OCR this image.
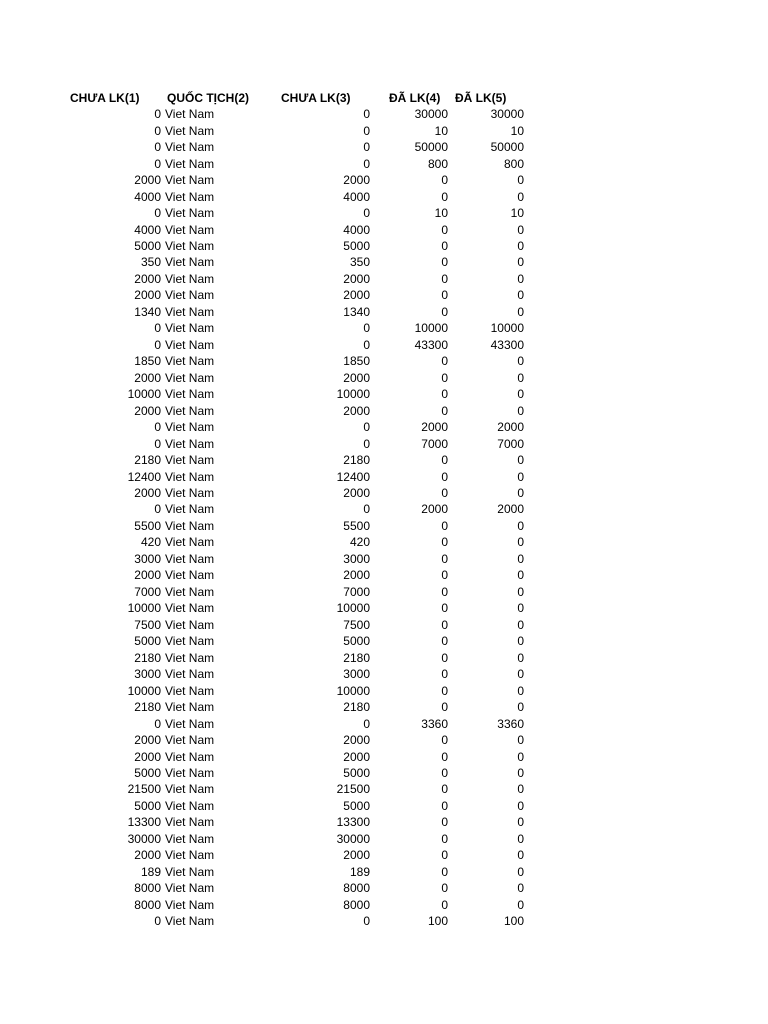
CHƯA LK(1)	QUỐC TỊCH(2)	CHƯA LK(3)	ĐÃ LK(4)	ĐÃ LK(5)
0 Viet Nam	0	30000	30000
0 Viet Nam	0	10	10
0 Viet Nam	0	50000	50000
0 Viet Nam	0	800	800
2000 Viet Nam	2000	0	0
4000 Viet Nam	4000	0	0
0 Viet Nam	0	10	10
4000 Viet Nam	4000	0	0
5000 Viet Nam	5000	0	0
350 Viet Nam	350	0	0
2000 Viet Nam	2000	0	0
2000 Viet Nam	2000	0	0
1340 Viet Nam	1340	0	0
0 Viet Nam	0	10000	10000
0 Viet Nam	0	43300	43300
1850 Viet Nam	1850	0	0
2000 Viet Nam	2000	0	0
10000 Viet Nam	10000	0	0
2000 Viet Nam	2000	0	0
0 Viet Nam	0	2000	2000
0 Viet Nam	0	7000	7000
2180 Viet Nam	2180	0	0
12400 Viet Nam	12400	0	0
2000 Viet Nam	2000	0	0
0 Viet Nam	0	2000	2000
5500 Viet Nam	5500	0	0
420 Viet Nam	420	0	0
3000 Viet Nam	3000	0	0
2000 Viet Nam	2000	0	0
7000 Viet Nam	7000	0	0
10000 Viet Nam	10000	0	0
7500 Viet Nam	7500	0	0
5000 Viet Nam	5000	0	0
2180 Viet Nam	2180	0	0
3000 Viet Nam	3000	0	0
10000 Viet Nam	10000	0	0
2180 Viet Nam	2180	0	0
0 Viet Nam	0	3360	3360
2000 Viet Nam	2000	0	0
2000 Viet Nam	2000	0	0
5000 Viet Nam	5000	0	0
21500 Viet Nam	21500	0	0
5000 Viet Nam	5000	0	0
13300 Viet Nam	13300	0	0
30000 Viet Nam	30000	0	0
2000 Viet Nam	2000	0	0
189 Viet Nam	189	0	0
8000 Viet Nam	8000	0	0
8000 Viet Nam	8000	0	0
0 Viet Nam	0	100	100
